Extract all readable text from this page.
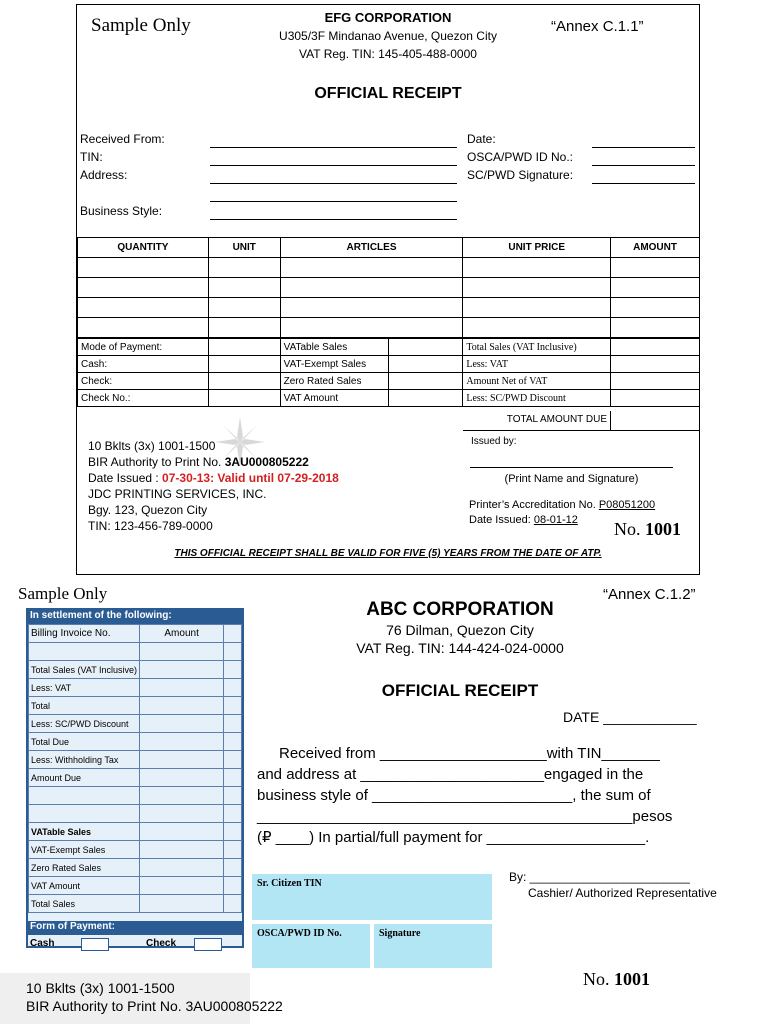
Sample Only	EFG CORPORATION
U305/3F Mindanao Avenue, Quezon City
VAT Reg. TIN: 145-405-488-0000
“Annex C.1.1”
OFFICIAL RECEIPT
Received From:
TIN:
Address:
Business Style:
Date:
OSCA/PWD ID No.:
SC/PWD Signature:
QUANTITY	UNIT	ARTICLES	UNIT PRICE	AMOUNT

Mode of Payment:		VATable Sales		Total Sales (VAT Inclusive)	
Cash:		VAT-Exempt Sales		Less: VAT	
Check:		Zero Rated Sales		Amount Net of VAT	
Check No.:		VAT Amount		Less: SC/PWD Discount	
TOTAL AMOUNT DUE
10 Bklts (3x) 1001-1500
BIR Authority to Print No. 3AU000805222
Date Issued : 07-30-13: Valid until 07-29-2018
JDC PRINTING SERVICES, INC.
Bgy. 123, Quezon City
TIN: 123-456-789-0000
Issued by:
(Print Name and Signature)
Printer’s Accreditation No. P08051200
Date Issued: 08-01-12 No. 1001
THIS OFFICIAL RECEIPT SHALL BE VALID FOR FIVE (5) YEARS FROM THE DATE OF ATP.
Sample Only	“Annex C.1.2”
ABC CORPORATION
76 Dilman, Quezon City
VAT Reg. TIN: 144-424-024-0000
OFFICIAL RECEIPT
DATE ____________
Received from ____________________with TIN_______
and address at ______________________engaged in the
business style of ________________________, the sum of
_____________________________________________pesos
(₽ ____) In partial/full payment for ___________________.
In settlement of the following:
Billing Invoice No.	Amount	

Total Sales (VAT Inclusive)		
Less: VAT		
Total		
Less: SC/PWD Discount		
Total Due		
Less: Withholding Tax		
Amount Due		

VATable Sales		
VAT-Exempt Sales		
Zero Rated Sales		
VAT Amount		
Total Sales		
Form of Payment:
Cash	Check
Sr. Citizen TIN
OSCA/PWD ID No.	Signature
By: ________________________
Cashier/ Authorized Representative
No. 1001
10 Bklts (3x) 1001-1500
BIR Authority to Print No. 3AU000805222
